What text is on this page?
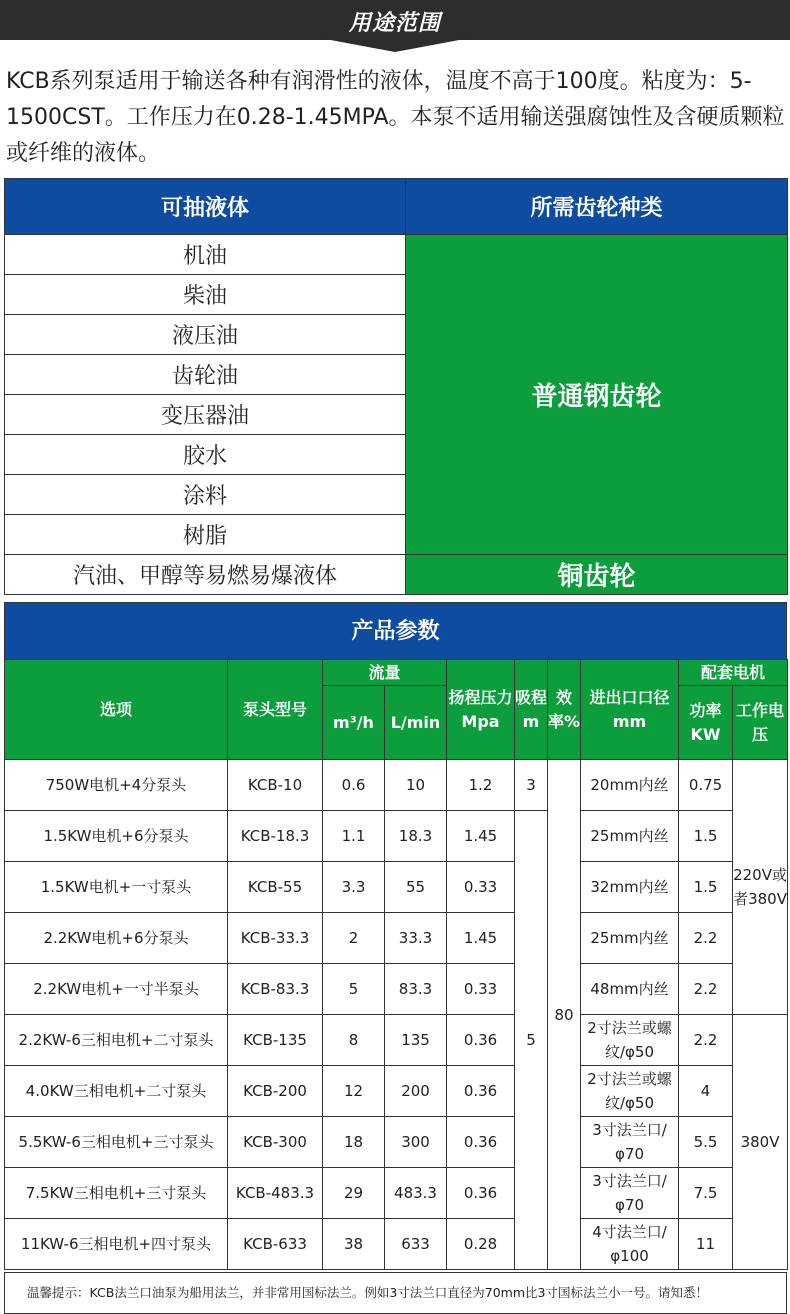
用途范围
KCB系列泵适用于输送各种有润滑性的液体，温度不高于100度。粘度为：5-1500CST。工作压力在0.28-1.45MPA。本泵不适用输送强腐蚀性及含硬质颗粒或纤维的液体。
可抽液体	所需齿轮种类
机油	普通钢齿轮
柴油	
液压油	
齿轮油	
变压器油	
胶水	
涂料	
树脂	
汽油、甲醇等易燃易爆液体	铜齿轮
产品参数
选项	泵头型号	流量		扬程压力Mpa	吸程m	效率%	进出口口径mm	配套电机	
		m³/h	L/min					功率KW	工作电压
750W电机+4分泵头	KCB-10	0.6	10	1.2	3	80	20mm内丝	0.75	220V或者380V
1.5KW电机+6分泵头	KCB-18.3	1.1	18.3	1.45	5		25mm内丝	1.5	
1.5KW电机+一寸泵头	KCB-55	3.3	55	0.33			32mm内丝	1.5	
2.2KW电机+6分泵头	KCB-33.3	2	33.3	1.45			25mm内丝	2.2	
2.2KW电机+一寸半泵头	KCB-83.3	5	83.3	0.33			48mm内丝	2.2	
2.2KW-6三相电机+二寸泵头	KCB-135	8	135	0.36			2寸法兰或螺纹/φ50	2.2	380V
4.0KW三相电机+二寸泵头	KCB-200	12	200	0.36			2寸法兰或螺纹/φ50	4	
5.5KW-6三相电机+三寸泵头	KCB-300	18	300	0.36			3寸法兰口/φ70	5.5	
7.5KW三相电机+三寸泵头	KCB-483.3	29	483.3	0.36			3寸法兰口/φ70	7.5	
11KW-6三相电机+四寸泵头	KCB-633	38	633	0.28			4寸法兰口/φ100	11	
温馨提示：KCB法兰口油泵为船用法兰，并非常用国标法兰。例如3寸法兰口直径为70mm比3寸国标法兰小一号。请知悉！
